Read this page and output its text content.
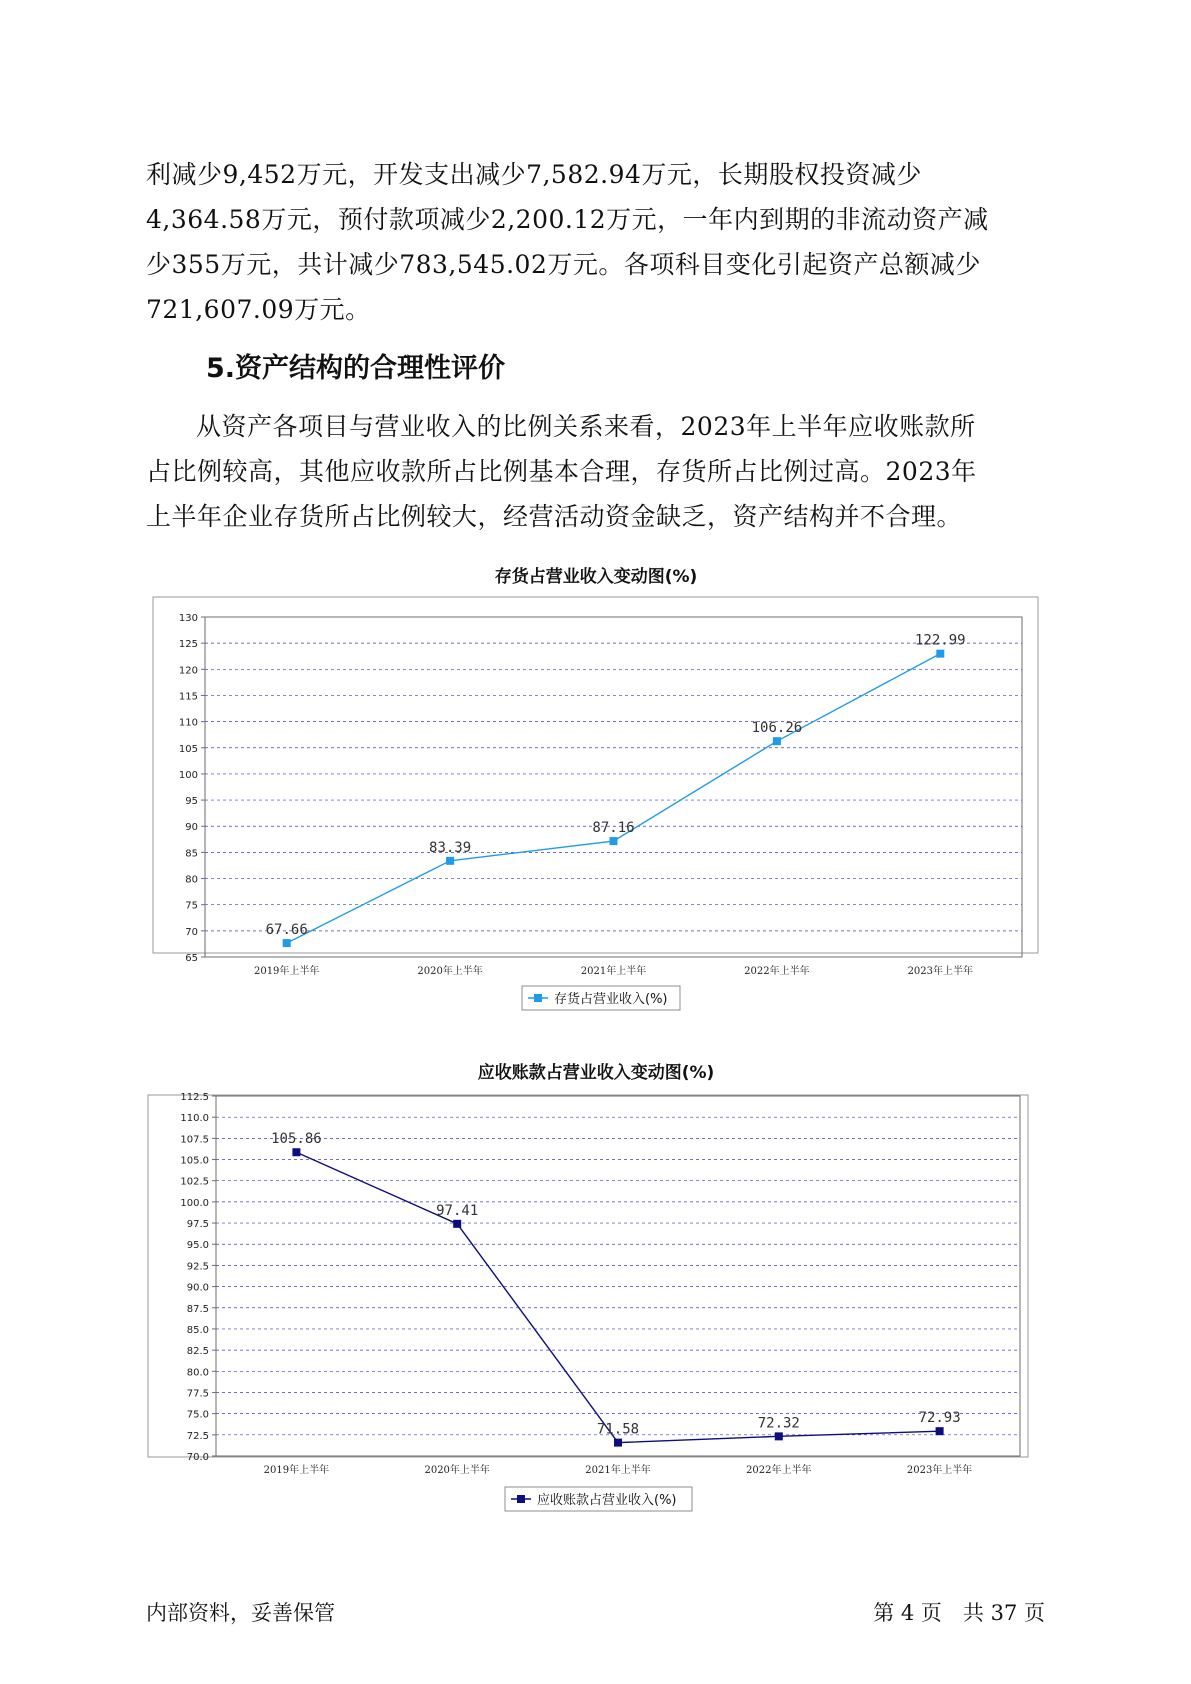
利减少9,452万元，开发支出减少7,582.94万元，长期股权投资减少
4,364.58万元，预付款项减少2,200.12万元，一年内到期的非流动资产减
少355万元，共计减少783,545.02万元。各项科目变化引起资产总额减少
721,607.09万元。
5.资产结构的合理性评价
从资产各项目与营业收入的比例关系来看，2023年上半年应收账款所
占比例较高，其他应收款所占比例基本合理，存货所占比例过高。2023年
上半年企业存货所占比例较大，经营活动资金缺乏，资产结构并不合理。
存货占营业收入变动图(%)
65
70
75
80
85
90
95
100
105
110
115
120
125
130
2019年上半年	2020年上半年	2021年上半年	2022年上半年	2023年上半年
67.66
83.39
87.16
106.26
122.99
存货占营业收入(%)
应收账款占营业收入变动图(%)
70.0
72.5
75.0
77.5
80.0
82.5
85.0
87.5
90.0
92.5
95.0
97.5
100.0
102.5
105.0
107.5
110.0
112.5
2019年上半年	2020年上半年	2021年上半年	2022年上半年	2023年上半年
105.86
97.41
71.58	72.32	72.93
应收账款占营业收入(%)
内部资料，妥善保管	第 4 页　共 37 页
